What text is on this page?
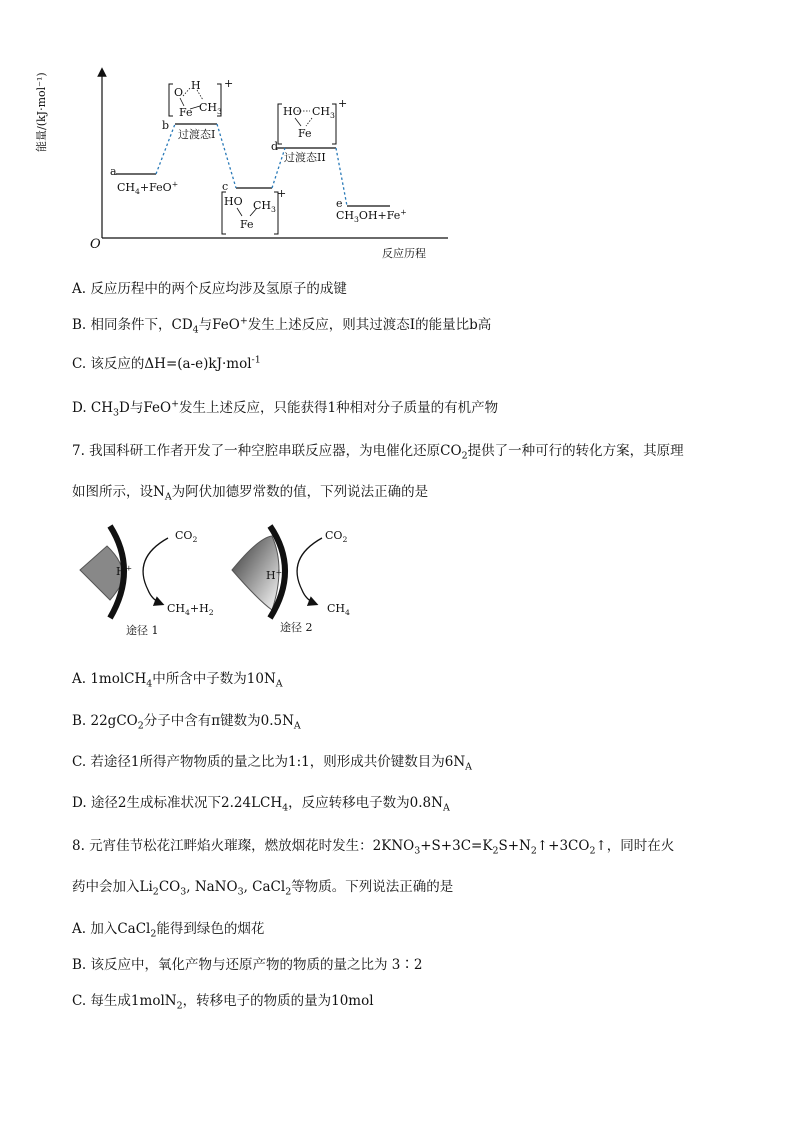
能量/(kJ·mol⁻¹)
O
反应历程
a
$CH_4+FeO^+$
b
过渡态I
c
d
过渡态II
e
$CH_3OH+Fe^+$
O
H
Fe $CH_3$
+
HO $CH_3$
Fe
+
HO $CH_3$
Fe
+
A. 反应历程中的两个反应均涉及氢原子的成键
B. 相同条件下，$CD_4$与FeO+发生上述反应，则其过渡态Ⅰ的能量比b高
C. 该反应的ΔH=(a-e)kJ·mol$^{-1}$
D. $CH_3D$与FeO+发生上述反应，只能获得1种相对分子质量的有机产物
7. 我国科研工作者开发了一种空腔串联反应器，为电催化还原$CO_2$提供了一种可行的转化方案，其原理
如图所示，设$N_A$为阿伏加德罗常数的值，下列说法正确的是
H+
$CO_2$
$CH_4+H_2$
途径 1
H+
$CO_2$
$CH_4$
途径 2
A. 1molCH$_4$中所含中子数为$10N_A$
B. 22gCO$_2$分子中含有π键数为$0.5N_A$
C. 若途径1所得产物物质的量之比为1:1，则形成共价键数目为$6N_A$
D. 途径2生成标准状况下$2.24LCH_4$，反应转移电子数为$0.8N_A$
8. 元宵佳节松花江畔焰火璀璨，燃放烟花时发生：$2KNO_3+S+3C=K_2S+N_2↑+3CO_2↑$，同时在火
药中会加入$Li_2CO_3$, NaNO$_3$, CaCl$_2$等物质。下列说法正确的是
A. 加入CaCl$_2$能得到绿色的烟花
B. 该反应中，氧化产物与还原产物的物质的量之比为 3∶2
C. 每生成1molN$_2$，转移电子的物质的量为10mol
